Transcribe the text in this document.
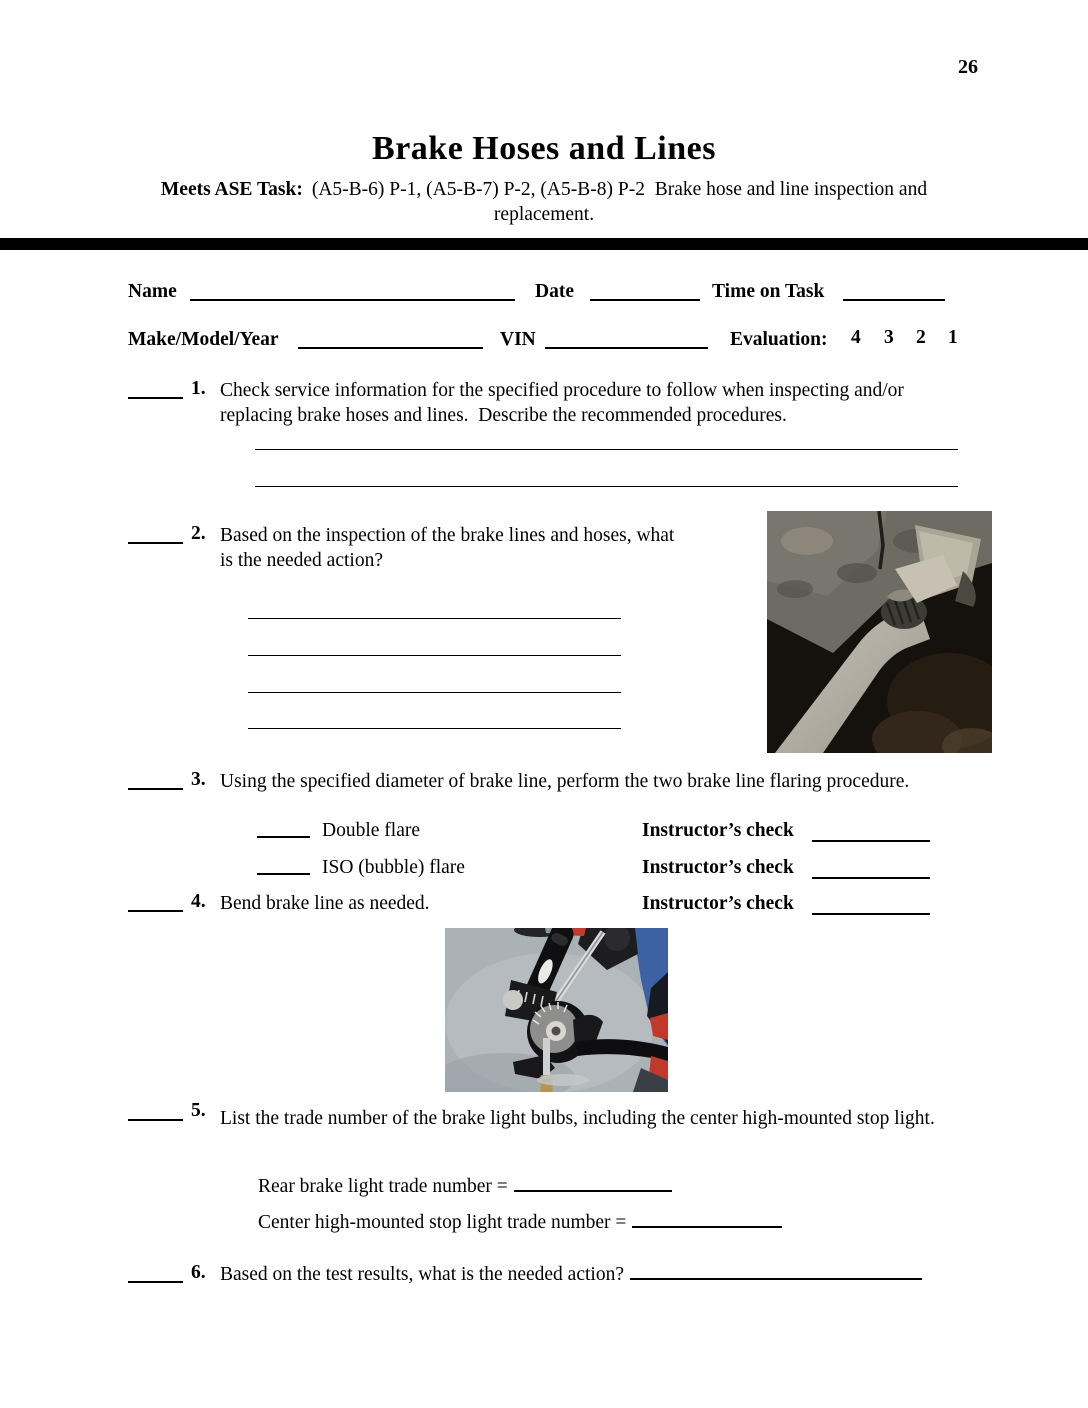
26
Brake Hoses and Lines
Meets ASE Task: (A5-B-6) P-1, (A5-B-7) P-2, (A5-B-8) P-2  Brake hose and line inspection and
replacement.
Name	Date	Time on Task
Make/Model/Year	VIN	Evaluation: 4 3 2 1
1. Check service information for the specified procedure to follow when inspecting and/or replacing brake hoses and lines.  Describe the recommended procedures.
2. Based on the inspection of the brake lines and hoses, what is the needed action?
3. Using the specified diameter of brake line, perform the two brake line flaring procedure.
Double flare	Instructor’s check
ISO (bubble) flare	Instructor’s check
4. Bend brake line as needed.	Instructor’s check
5. List the trade number of the brake light bulbs, including the center high-mounted stop light.
Rear brake light trade number =
Center high-mounted stop light trade number =
6. Based on the test results, what is the needed action?
